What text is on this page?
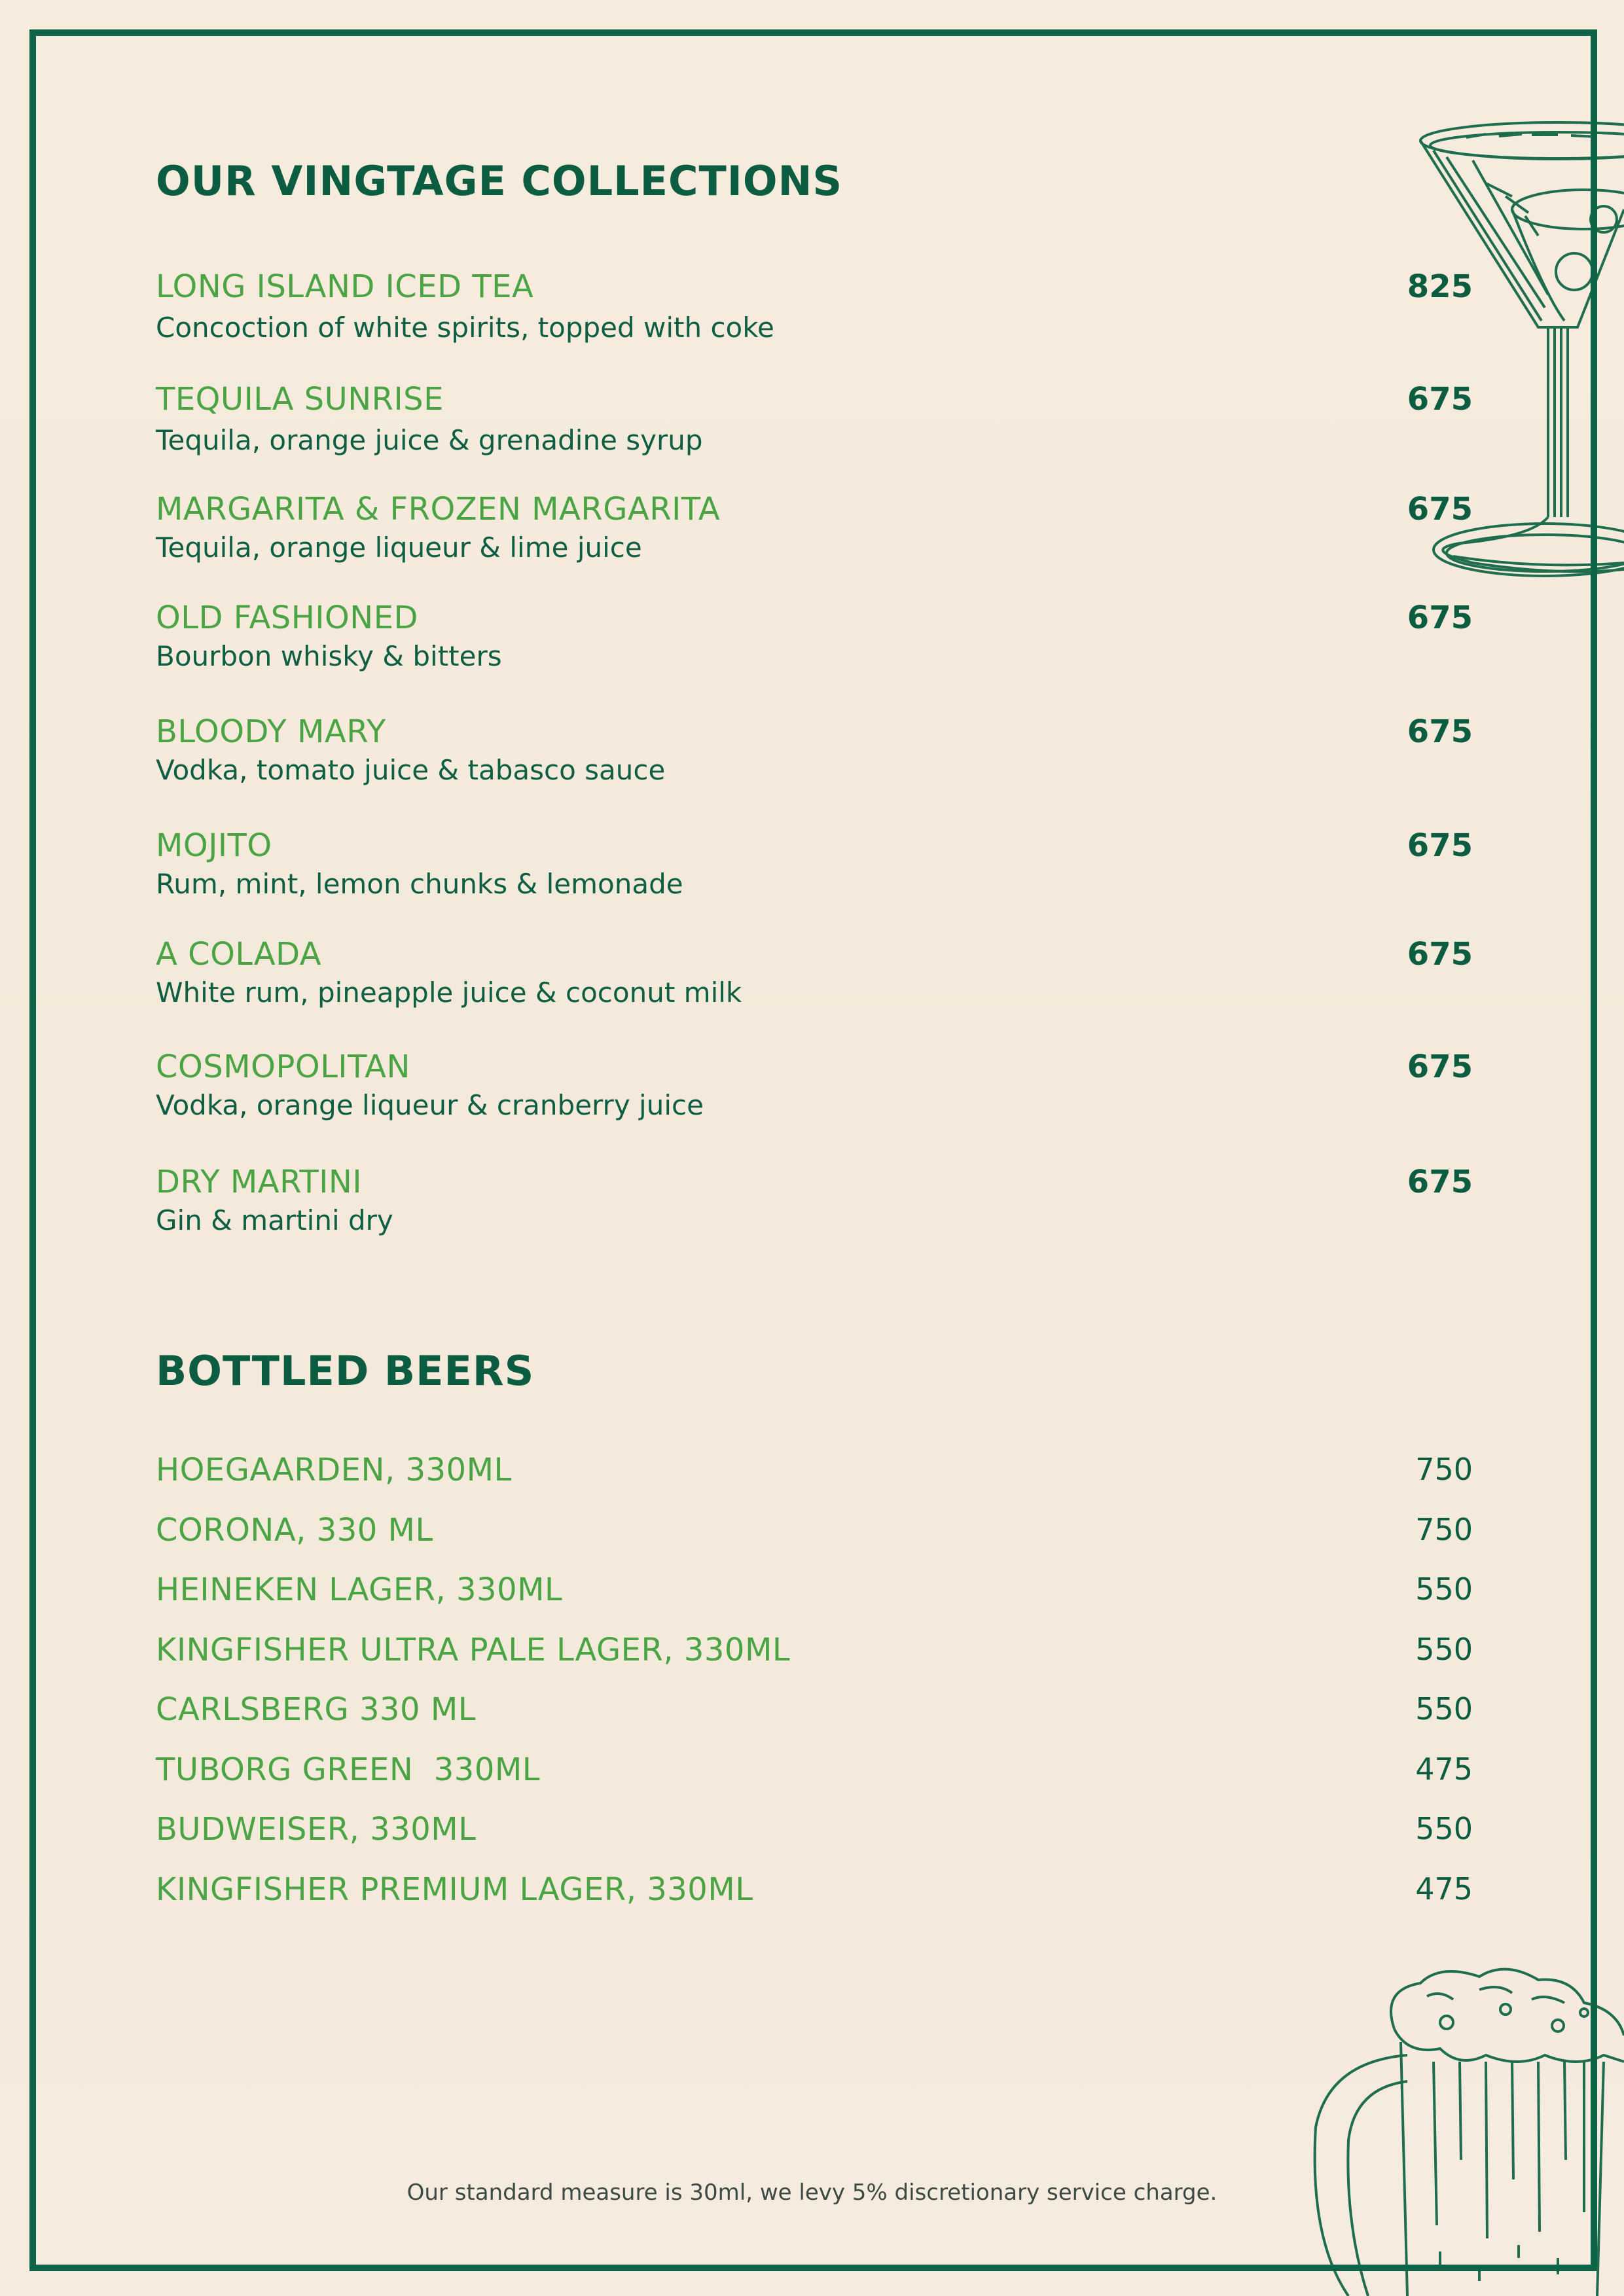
OUR VINGTAGE COLLECTIONS
LONG ISLAND ICED TEA	825
Concoction of white spirits, topped with coke
TEQUILA SUNRISE	675
Tequila, orange juice & grenadine syrup
MARGARITA & FROZEN MARGARITA	675
Tequila, orange liqueur & lime juice
OLD FASHIONED	675
Bourbon whisky & bitters
BLOODY MARY	675
Vodka, tomato juice & tabasco sauce
MOJITO	675
Rum, mint, lemon chunks & lemonade
A COLADA	675
White rum, pineapple juice & coconut milk
COSMOPOLITAN	675
Vodka, orange liqueur & cranberry juice
DRY MARTINI	675
Gin & martini dry
BOTTLED BEERS
HOEGAARDEN, 330ML	750
CORONA, 330 ML	750
HEINEKEN LAGER, 330ML	550
KINGFISHER ULTRA PALE LAGER, 330ML	550
CARLSBERG 330 ML	550
TUBORG GREEN  330ML	475
BUDWEISER, 330ML	550
KINGFISHER PREMIUM LAGER, 330ML	475
Our standard measure is 30ml, we levy 5% discretionary service charge.
